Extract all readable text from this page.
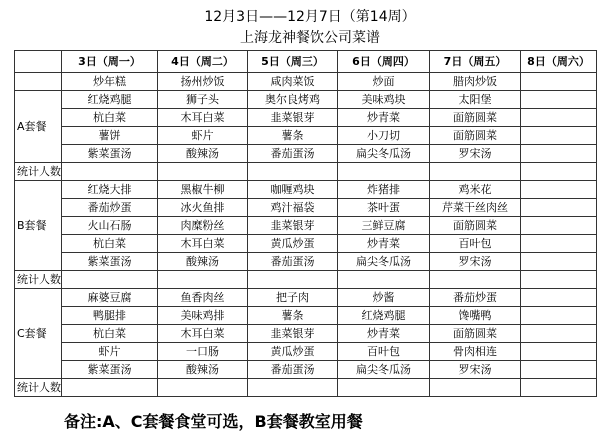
12月3日——12月7日（第14周）
上海龙神餐饮公司菜谱
	3日（周一）	4日（周二）	5日（周三）	6日（周四）	7日（周五）	8日（周六）
	炒年糕	扬州炒饭	咸肉菜饭	炒面	腊肉炒饭	
A套餐	红烧鸡腿	狮子头	奥尔良烤鸡	美味鸡块	太阳堡	
	杭白菜	木耳白菜	韭菜银芽	炒青菜	面筋圆菜	
	薯饼	虾片	薯条	小刀切	面筋圆菜	
	紫菜蛋汤	酸辣汤	番茄蛋汤	扁尖冬瓜汤	罗宋汤	
统计人数						
B套餐	红烧大排	黑椒牛柳	咖喱鸡块	炸猪排	鸡米花	
	番茄炒蛋	冰火鱼排	鸡汁福袋	茶叶蛋	芹菜干丝肉丝	
	火山石肠	肉糜粉丝	韭菜银芽	三鲜豆腐	面筋圆菜	
	杭白菜	木耳白菜	黄瓜炒蛋	炒青菜	百叶包	
	紫菜蛋汤	酸辣汤	番茄蛋汤	扁尖冬瓜汤	罗宋汤	
统计人数						
C套餐	麻婆豆腐	鱼香肉丝	把子肉	炒酱	番茄炒蛋	
	鸭腿排	美味鸡排	薯条	红烧鸡腿	馋嘴鸭	
	杭白菜	木耳白菜	韭菜银芽	炒青菜	面筋圆菜	
	虾片	一口肠	黄瓜炒蛋	百叶包	骨肉相连	
	紫菜蛋汤	酸辣汤	番茄蛋汤	扁尖冬瓜汤	罗宋汤	
统计人数						
备注:A、C套餐食堂可选，B套餐教室用餐
